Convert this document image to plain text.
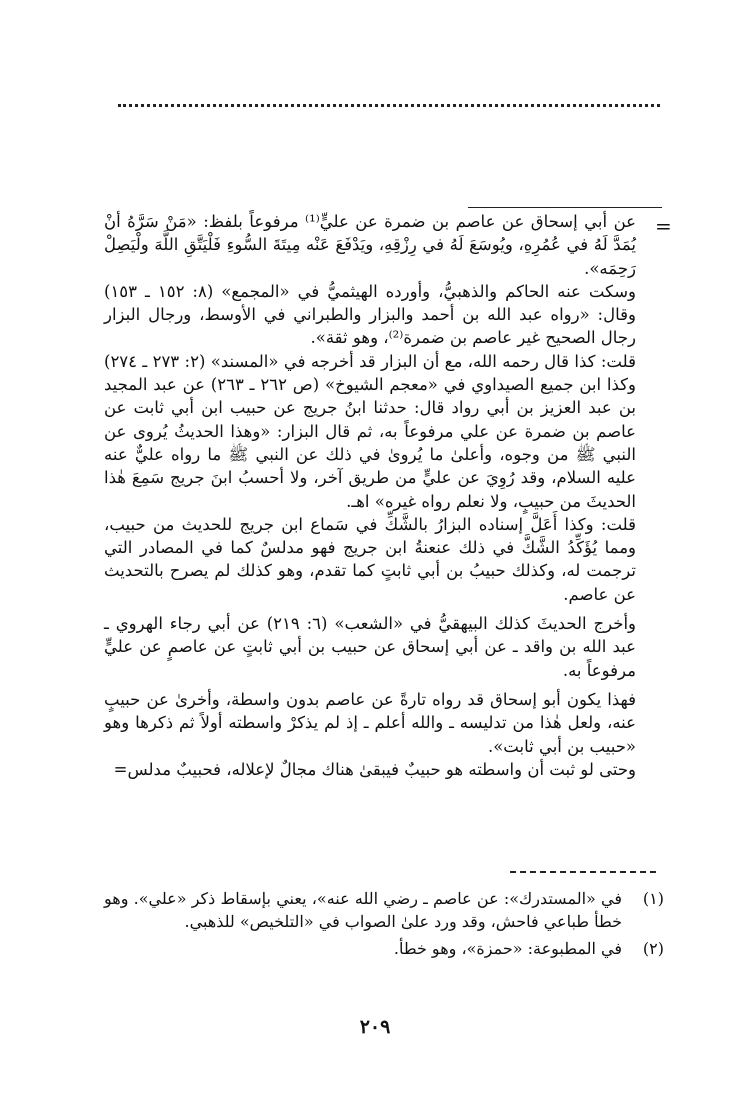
=

عن أبي إسحاق عن عاصم بن ضمرة عن عليٍّ⁽¹⁾ مرفوعاً بلفظ: «مَنْ سَرَّهُ أنْ يُمَدَّ لَهُ في عُمُرِهِ، ويُوسَعَ لَهُ في رِزْقِهِ، ويَدْفَعَ عَنْه مِيتَةَ السُّوءِ فَلْيَتَّقِ اللَّهَ ولْيَصِلْ رَحِمَه».

وسكت عنه الحاكم والذهبيُّ، وأورده الهيثميُّ في «المجمع» (٨: ١٥٢ ـ ١٥٣) وقال: «رواه عبد الله بن أحمد والبزار والطبراني في الأوسط، ورجال البزار رجال الصحيح غير عاصم بن ضمرة⁽²⁾، وهو ثقة».

قلت: كذا قال رحمه الله، مع أن البزار قد أخرجه في «المسند» (٢: ٢٧٣ ـ ٢٧٤) وكذا ابن جميع الصيداوي في «معجم الشيوخ» (ص ٢٦٢ ـ ٢٦٣) عن عبد المجيد بن عبد العزيز بن أبي رواد قال: حدثنا ابنُ جريج عن حبيب ابن أبي ثابت عن عاصم بن ضمرة عن علي مرفوعاً به، ثم قال البزار: «وهذا الحديثُ يُروى عن النبي ﷺ من وجوه، وأعلىٰ ما يُروىٰ في ذلك عن النبي ﷺ ما رواه عليٌّ عنه عليه السلام، وقد رُوِيَ عن عليٍّ من طريق آخر، ولا أحسبُ ابنَ جريج سَمِعَ هٰذا الحديثَ من حبيبٍ، ولا نعلم رواه غيره» اهـ.

قلت: وكذا أَعَلَّ إسناده البزارُ بالشَّكِّ في سَماع ابن جريج للحديث من حبيب، ومما يُؤَكِّدُ الشَّكَّ في ذلك عنعنةُ ابن جريج فهو مدلسٌ كما في المصادر التي ترجمت له، وكذلك حبيبُ بن أبي ثابتٍ كما تقدم، وهو كذلك لم يصرح بالتحديث عن عاصم.

وأخرج الحديثَ كذلك البيهقيُّ في «الشعب» (٦: ٢١٩) عن أبي رجاء الهروي ـ عبد الله بن واقد ـ عن أبي إسحاق عن حبيب بن أبي ثابتٍ عن عاصمٍ عن عليٍّ مرفوعاً به.

فهذا يكون أبو إسحاق قد رواه تارةً عن عاصم بدون واسطة، وأخرىٰ عن حبيبٍ عنه، ولعل هٰذا من تدليسه ـ والله أعلم ـ إذ لم يذكرْ واسطته أولاً ثم ذكرها وهو «حبيب بن أبي ثابت».

وحتى لو ثبت أن واسطته هو حبيبٌ فيبقىٰ هناك مجالٌ لإعلاله، فحبيبٌ مدلس=

(١)
في «المستدرك»: عن عاصم ـ رضي الله عنه»، يعني بإسقاط ذكر «علي». وهو خطأ طباعي فاحش، وقد ورد علىٰ الصواب في «التلخيص» للذهبي.
(٢)
في المطبوعة: «حمزة»، وهو خطأ.
٢٠٩
